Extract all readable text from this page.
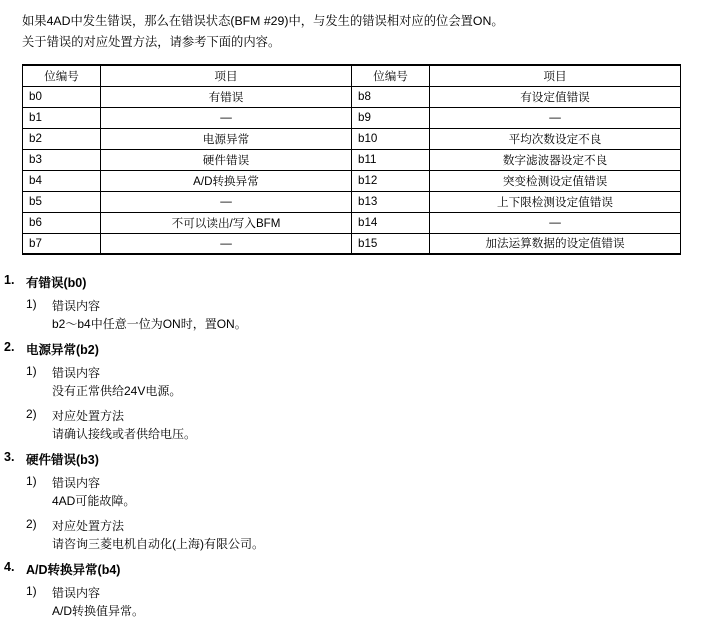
如果4AD中发生错误，那么在错误状态(BFM #29)中，与发生的错误相对应的位会置ON。

关于错误的对应处置方法，请参考下面的内容。

位编号	项目	位编号	项目
b0	有错误	b8	有设定值错误
b1	—	b9	—
b2	电源异常	b10	平均次数设定不良
b3	硬件错误	b11	数字滤波器设定不良
b4	A/D转换异常	b12	突变检测设定值错误
b5	—	b13	上下限检测设定值错误
b6	不可以读出/写入BFM	b14	—
b7	—	b15	加法运算数据的设定值错误
1. 有错误(b0)
1) 错误内容
b2～b4中任意一位为ON时，置ON。
2. 电源异常(b2)
1) 错误内容
没有正常供给24V电源。
2) 对应处置方法
请确认接线或者供给电压。
3. 硬件错误(b3)
1) 错误内容
4AD可能故障。
2) 对应处置方法
请咨询三菱电机自动化(上海)有限公司。
4. A/D转换异常(b4)
1) 错误内容
A/D转换值异常。
